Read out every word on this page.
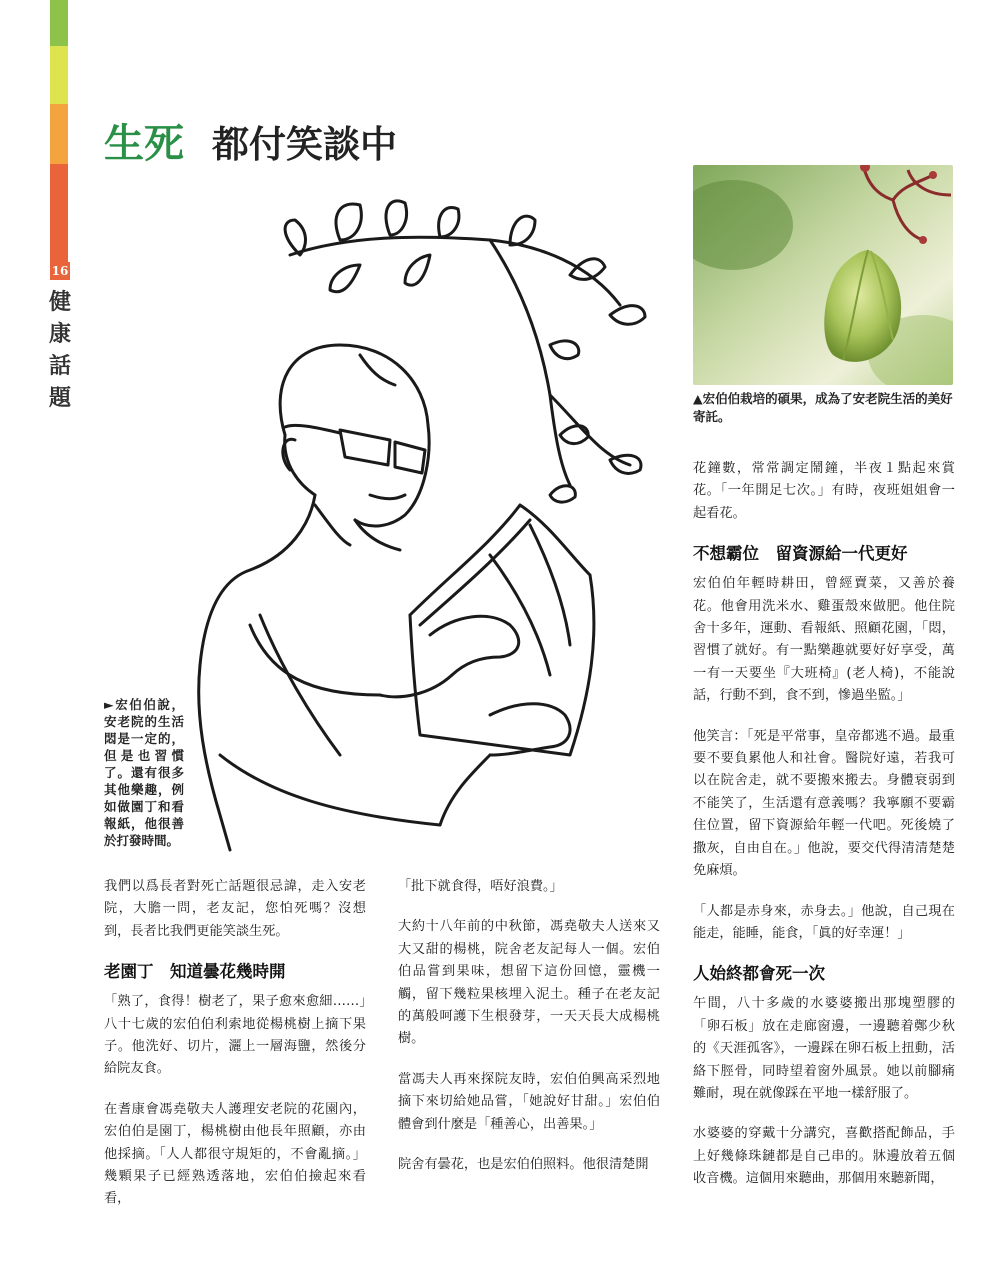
16
健康話題
生死 都付笑談中
▲宏伯伯栽培的碩果，成為了安老院生活的美好寄託。
►宏伯伯說，安老院的生活悶是一定的，但是也習慣了。還有很多其他樂趣，例如做園丁和看報紙，他很善於打發時間。

我們以爲長者對死亡話題很忌諱，走入安老院，大膽一問，老友記，您怕死嗎？沒想到，長者比我們更能笑談生死。

老園丁　知道曇花幾時開

「熟了，食得！樹老了，果子愈來愈細……」八十七歲的宏伯伯利索地從楊桃樹上摘下果子。他洗好、切片，灑上一層海鹽，然後分給院友食。

在耆康會馮堯敬夫人護理安老院的花園內，宏伯伯是園丁，楊桃樹由他長年照顧，亦由他採摘。「人人都很守規矩的，不會亂摘。」幾顆果子已經熟透落地，宏伯伯撿起來看看，

「批下就食得，唔好浪費。」

大約十八年前的中秋節，馮堯敬夫人送來又大又甜的楊桃，院舍老友記每人一個。宏伯伯品嘗到果味，想留下這份回憶，靈機一觸，留下幾粒果核埋入泥土。種子在老友記的萬般呵護下生根發芽，一天天長大成楊桃樹。

當馮夫人再來探院友時，宏伯伯興高采烈地摘下來切給她品嘗，「她說好甘甜。」宏伯伯體會到什麼是「種善心，出善果。」

院舍有曇花，也是宏伯伯照料。他很清楚開

花鐘數，常常調定鬧鐘，半夜１點起來賞花。「一年開足七次。」有時，夜班姐姐會一起看花。

不想霸位　留資源給一代更好

宏伯伯年輕時耕田，曾經賣菜，又善於養花。他會用洗米水、雞蛋殼來做肥。他住院舍十多年，運動、看報紙、照顧花園，「悶，習慣了就好。有一點樂趣就要好好享受，萬一有一天要坐『大班椅』(老人椅)，不能說話，行動不到，食不到，慘過坐監。」

他笑言：「死是平常事，皇帝都逃不過。最重要不要負累他人和社會。醫院好遠，若我可以在院舍走，就不要搬來搬去。身體衰弱到不能笑了，生活還有意義嗎？我寧願不要霸住位置，留下資源給年輕一代吧。死後燒了撒灰，自由自在。」他說，要交代得清清楚楚免麻煩。

「人都是赤身來，赤身去。」他說，自己現在能走，能睡，能食，「眞的好幸運！」

人始終都會死一次

午間，八十多歲的水婆婆搬出那塊塑膠的「卵石板」放在走廊窗邊，一邊聽着鄭少秋的《天涯孤客》，一邊踩在卵石板上扭動，活絡下脛骨，同時望着窗外風景。她以前腳痛難耐，現在就像踩在平地一樣舒服了。

水婆婆的穿戴十分講究，喜歡搭配飾品，手上好幾條珠鏈都是自己串的。牀邊放着五個收音機。這個用來聽曲，那個用來聽新聞，
